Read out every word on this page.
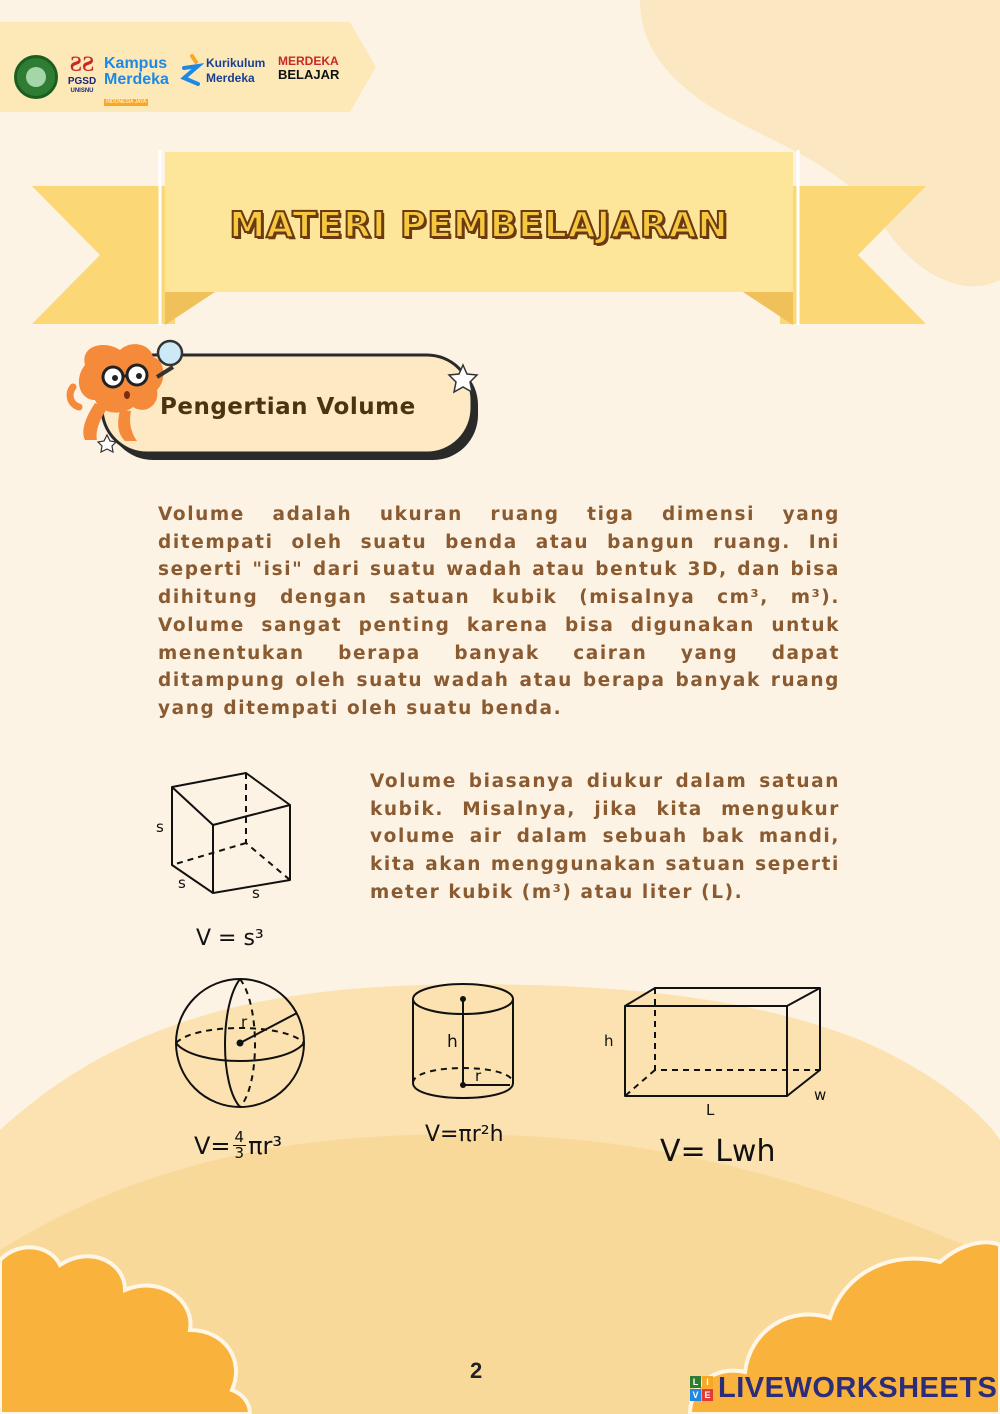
ƧƧ
PGSD
UNISNU
Kampus
Merdeka
INDONESIA JAYA
Kurikulum
Merdeka
MERDEKA
BELAJAR
MATERI PEMBELAJARAN
Pengertian Volume

Volume adalah ukuran ruang tiga dimensi yang ditempati oleh suatu benda atau bangun ruang. Ini seperti "isi" dari suatu wadah atau bentuk 3D, dan bisa dihitung dengan satuan kubik (misalnya cm³, m³). Volume sangat penting karena bisa digunakan untuk menentukan berapa banyak cairan yang dapat ditampung oleh suatu wadah atau berapa banyak ruang yang ditempati oleh suatu benda.

Volume biasanya diukur dalam satuan kubik. Misalnya, jika kita mengukur volume air dalam sebuah bak mandi, kita akan menggunakan satuan seperti meter kubik (m³) atau liter (L).

s
s
s
V = s³
r
$V= \frac{4}{3} \pi r^3$
h
r
V=πr²h
h
L
w
V= Lwh
2	L I
V E LIVEWORKSHEETS
